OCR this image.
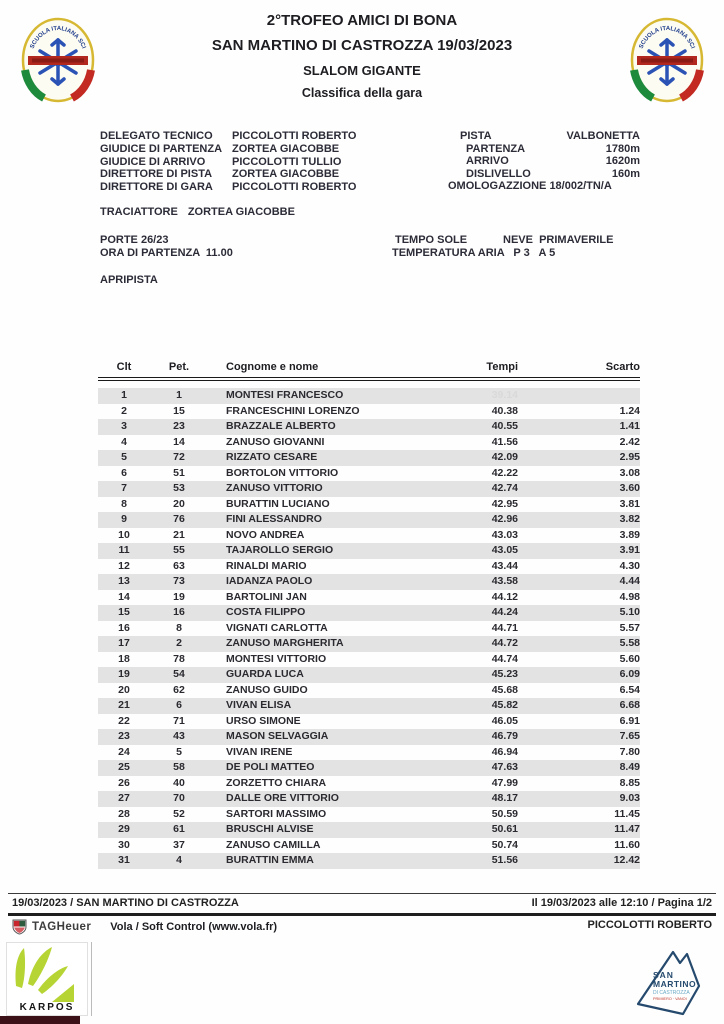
SCUOLA ITALIANA SCI	SCUOLA ITALIANA SCI
2°TROFEO AMICI DI BONA
SAN MARTINO DI CASTROZZA 19/03/2023
SLALOM GIGANTE
Classifica della gara
DELEGATO TECNICO	PICCOLOTTI ROBERTO
GIUDICE DI PARTENZA ZORTEA GIACOBBE
GIUDICE DI ARRIVO	PICCOLOTTI TULLIO
DIRETTORE DI PISTA	ZORTEA GIACOBBE
DIRETTORE DI GARA	PICCOLOTTI ROBERTO
PISTA	VALBONETTA
PARTENZA	1780m
ARRIVO	1620m
DISLIVELLO	160m
OMOLOGAZZIONE 18/002/TN/A
TRACIATTORE ZORTEA GIACOBBE
PORTE 26/23
ORA DI PARTENZA  11.00
TEMPO SOLE	NEVE  PRIMAVERILE
TEMPERATURA ARIA   P 3   A 5
APRIPISTA
Clt	Pet.	Cognome e nome	Tempi	Scarto
1	1	MONTESI FRANCESCO	39.14
2	15	FRANCESCHINI LORENZO	40.38	1.24
3	23	BRAZZALE ALBERTO	40.55	1.41
4	14	ZANUSO GIOVANNI	41.56	2.42
5	72	RIZZATO CESARE	42.09	2.95
6	51	BORTOLON VITTORIO	42.22	3.08
7	53	ZANUSO VITTORIO	42.74	3.60
8	20	BURATTIN LUCIANO	42.95	3.81
9	76	FINI ALESSANDRO	42.96	3.82
10	21	NOVO ANDREA	43.03	3.89
11	55	TAJAROLLO SERGIO	43.05	3.91
12	63	RINALDI MARIO	43.44	4.30
13	73	IADANZA PAOLO	43.58	4.44
14	19	BARTOLINI JAN	44.12	4.98
15	16	COSTA FILIPPO	44.24	5.10
16	8	VIGNATI CARLOTTA	44.71	5.57
17	2	ZANUSO MARGHERITA	44.72	5.58
18	78	MONTESI VITTORIO	44.74	5.60
19	54	GUARDA LUCA	45.23	6.09
20	62	ZANUSO GUIDO	45.68	6.54
21	6	VIVAN ELISA	45.82	6.68
22	71	URSO SIMONE	46.05	6.91
23	43	MASON SELVAGGIA	46.79	7.65
24	5	VIVAN IRENE	46.94	7.80
25	58	DE POLI MATTEO	47.63	8.49
26	40	ZORZETTO CHIARA	47.99	8.85
27	70	DALLE ORE VITTORIO	48.17	9.03
28	52	SARTORI MASSIMO	50.59	11.45
29	61	BRUSCHI ALVISE	50.61	11.47
30	37	ZANUSO CAMILLA	50.74	11.60
31	4	BURATTIN EMMA	51.56	12.42
19/03/2023 / SAN MARTINO DI CASTROZZA	Il 19/03/2023 alle 12:10 / Pagina 1/2
TAGHeuer Vola / Soft Control (www.vola.fr)	PICCOLOTTI ROBERTO
KARPOS
SAN
MARTINO
DI CASTROZZA
PRIMIERO · VANOI
